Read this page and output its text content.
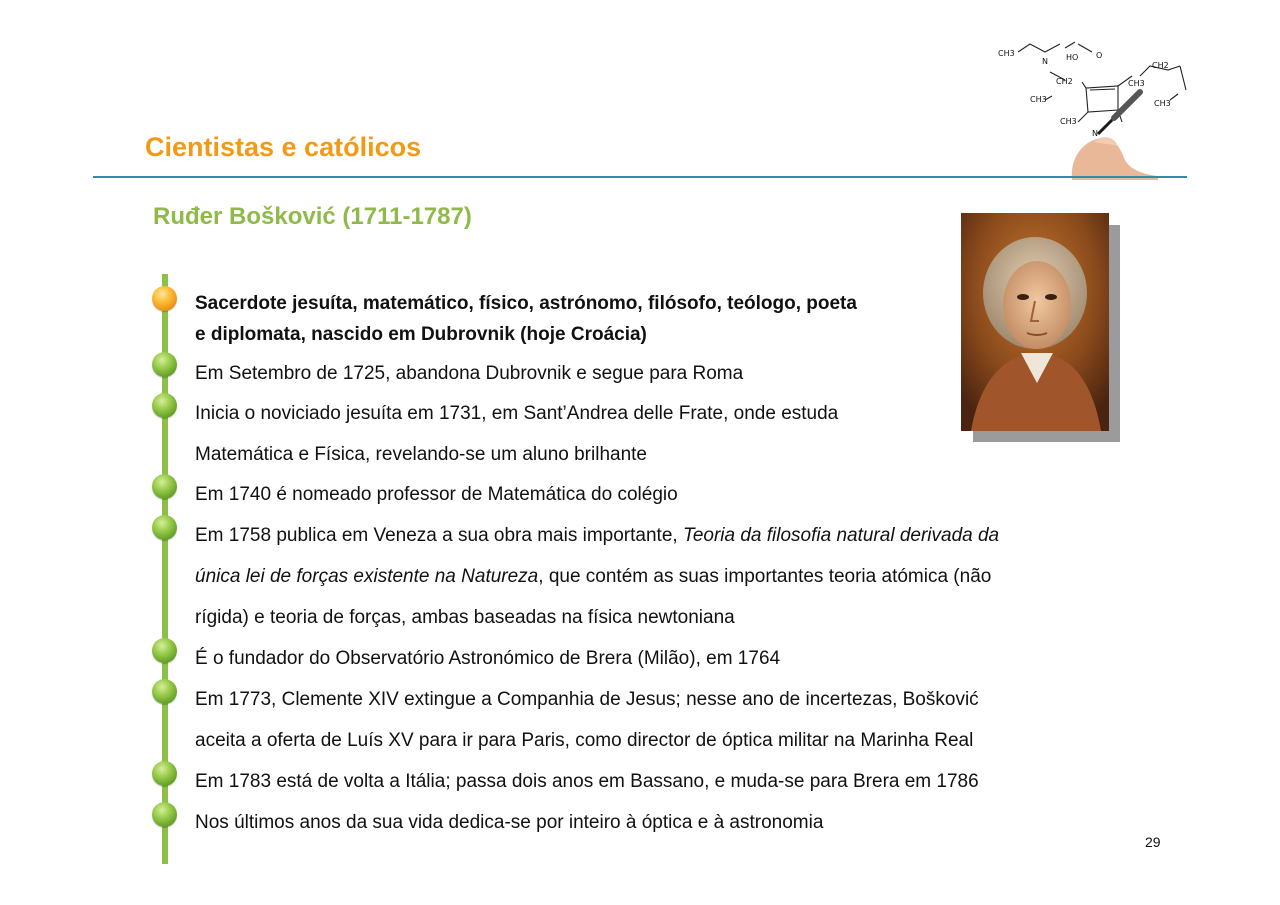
CH3
N HO O
CH2	CH3
CH2
CH3	CH3
CH3
N
Cientistas e católicos
Ruđer Bošković (1711-1787)

Sacerdote jesuíta, matemático, físico, astrónomo, filósofo, teólogo, poeta

e diplomata, nascido em Dubrovnik (hoje Croácia)

Em Setembro de 1725, abandona Dubrovnik e segue para Roma

Inicia o noviciado jesuíta em 1731, em Sant’Andrea delle Frate, onde estuda

Matemática e Física, revelando-se um aluno brilhante

Em 1740 é nomeado professor de Matemática do colégio

Em 1758 publica em Veneza a sua obra mais importante, Teoria da filosofia natural derivada da

única lei de forças existente na Natureza, que contém as suas importantes teoria atómica (não

rígida) e teoria de forças, ambas baseadas na física newtoniana

É o fundador do Observatório Astronómico de Brera (Milão), em 1764

Em 1773, Clemente XIV extingue a Companhia de Jesus; nesse ano de incertezas, Bošković

aceita a oferta de Luís XV para ir para Paris, como director de óptica militar na Marinha Real

Em 1783 está de volta a Itália; passa dois anos em Bassano, e muda-se para Brera em 1786

Nos últimos anos da sua vida dedica-se por inteiro à óptica e à astronomia

29
